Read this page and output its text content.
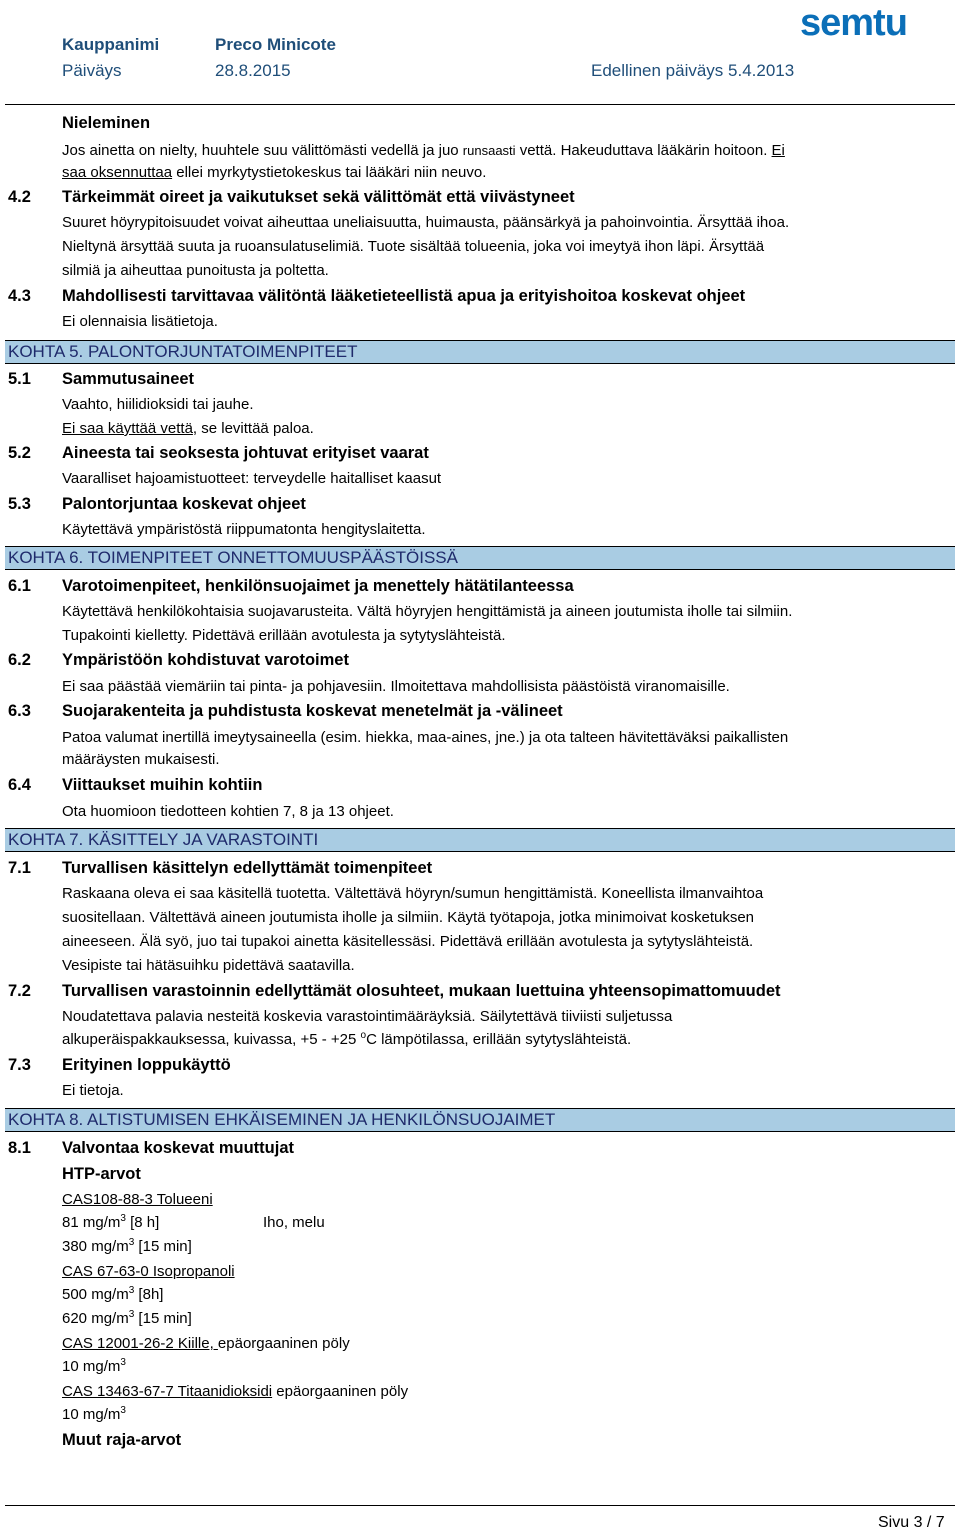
Kauppanimi	Preco Minicote
Päiväys	28.8.2015	Edellinen päiväys 5.4.2013
semtu
Nieleminen
Jos ainetta on nielty, huuhtele suu välittömästi vedellä ja juo runsaasti vettä. Hakeuduttava lääkärin hoitoon. Ei
saa oksennuttaa ellei myrkytystietokeskus tai lääkäri niin neuvo.
4.2 Tärkeimmät oireet ja vaikutukset sekä välittömät että viivästyneet
Suuret höyrypitoisuudet voivat aiheuttaa uneliaisuutta, huimausta, päänsärkyä ja pahoinvointia. Ärsyttää ihoa.
Nieltynä ärsyttää suuta ja ruoansulatuselimiä. Tuote sisältää tolueenia, joka voi imeytyä ihon läpi. Ärsyttää
silmiä ja aiheuttaa punoitusta ja poltetta.
4.3 Mahdollisesti tarvittavaa välitöntä lääketieteellistä apua ja erityishoitoa koskevat ohjeet
Ei olennaisia lisätietoja.
KOHTA 5. PALONTORJUNTATOIMENPITEET
5.1 Sammutusaineet
Vaahto, hiilidioksidi tai jauhe.
Ei saa käyttää vettä, se levittää paloa.
5.2 Aineesta tai seoksesta johtuvat erityiset vaarat
Vaaralliset hajoamistuotteet: terveydelle haitalliset kaasut
5.3 Palontorjuntaa koskevat ohjeet
Käytettävä ympäristöstä riippumatonta hengityslaitetta.
KOHTA 6. TOIMENPITEET ONNETTOMUUSPÄÄSTÖISSÄ
6.1 Varotoimenpiteet, henkilönsuojaimet ja menettely hätätilanteessa
Käytettävä henkilökohtaisia suojavarusteita. Vältä höyryjen hengittämistä ja aineen joutumista iholle tai silmiin.
Tupakointi kielletty. Pidettävä erillään avotulesta ja sytytyslähteistä.
6.2 Ympäristöön kohdistuvat varotoimet
Ei saa päästää viemäriin tai pinta- ja pohjavesiin. Ilmoitettava mahdollisista päästöistä viranomaisille.
6.3 Suojarakenteita ja puhdistusta koskevat menetelmät ja -välineet
Patoa valumat inertillä imeytysaineella (esim. hiekka, maa-aines, jne.) ja ota talteen hävitettäväksi paikallisten
määräysten mukaisesti.
6.4 Viittaukset muihin kohtiin
Ota huomioon tiedotteen kohtien 7, 8 ja 13 ohjeet.
KOHTA 7. KÄSITTELY JA VARASTOINTI
7.1 Turvallisen käsittelyn edellyttämät toimenpiteet
Raskaana oleva ei saa käsitellä tuotetta. Vältettävä höyryn/sumun hengittämistä. Koneellista ilmanvaihtoa
suositellaan. Vältettävä aineen joutumista iholle ja silmiin. Käytä työtapoja, jotka minimoivat kosketuksen
aineeseen. Älä syö, juo tai tupakoi ainetta käsitellessäsi. Pidettävä erillään avotulesta ja sytytyslähteistä.
Vesipiste tai hätäsuihku pidettävä saatavilla.
7.2 Turvallisen varastoinnin edellyttämät olosuhteet, mukaan luettuina yhteensopimattomuudet
Noudatettava palavia nesteitä koskevia varastointimääräyksiä. Säilytettävä tiiviisti suljetussa
alkuperäispakkauksessa, kuivassa, +5 - +25 $^o$C lämpötilassa, erillään sytytyslähteistä.
7.3 Erityinen loppukäyttö
Ei tietoja.
KOHTA 8. ALTISTUMISEN EHKÄISEMINEN JA HENKILÖNSUOJAIMET
8.1 Valvontaa koskevat muuttujat
HTP-arvot
CAS108-88-3 Tolueeni
81 $mg/m^3$ [8 h]	Iho, melu
380 $mg/m^3$ [15 min]
CAS 67-63-0 Isopropanoli
500 $mg/m^3$ [8h]
620 $mg/m^3$ [15 min]
CAS 12001-26-2 Kiille, epäorgaaninen pöly
10 $mg/m^3$
CAS 13463-67-7 Titaanidioksidi epäorgaaninen pöly
10 $mg/m^3$
Muut raja-arvot
Sivu 3 / 7
